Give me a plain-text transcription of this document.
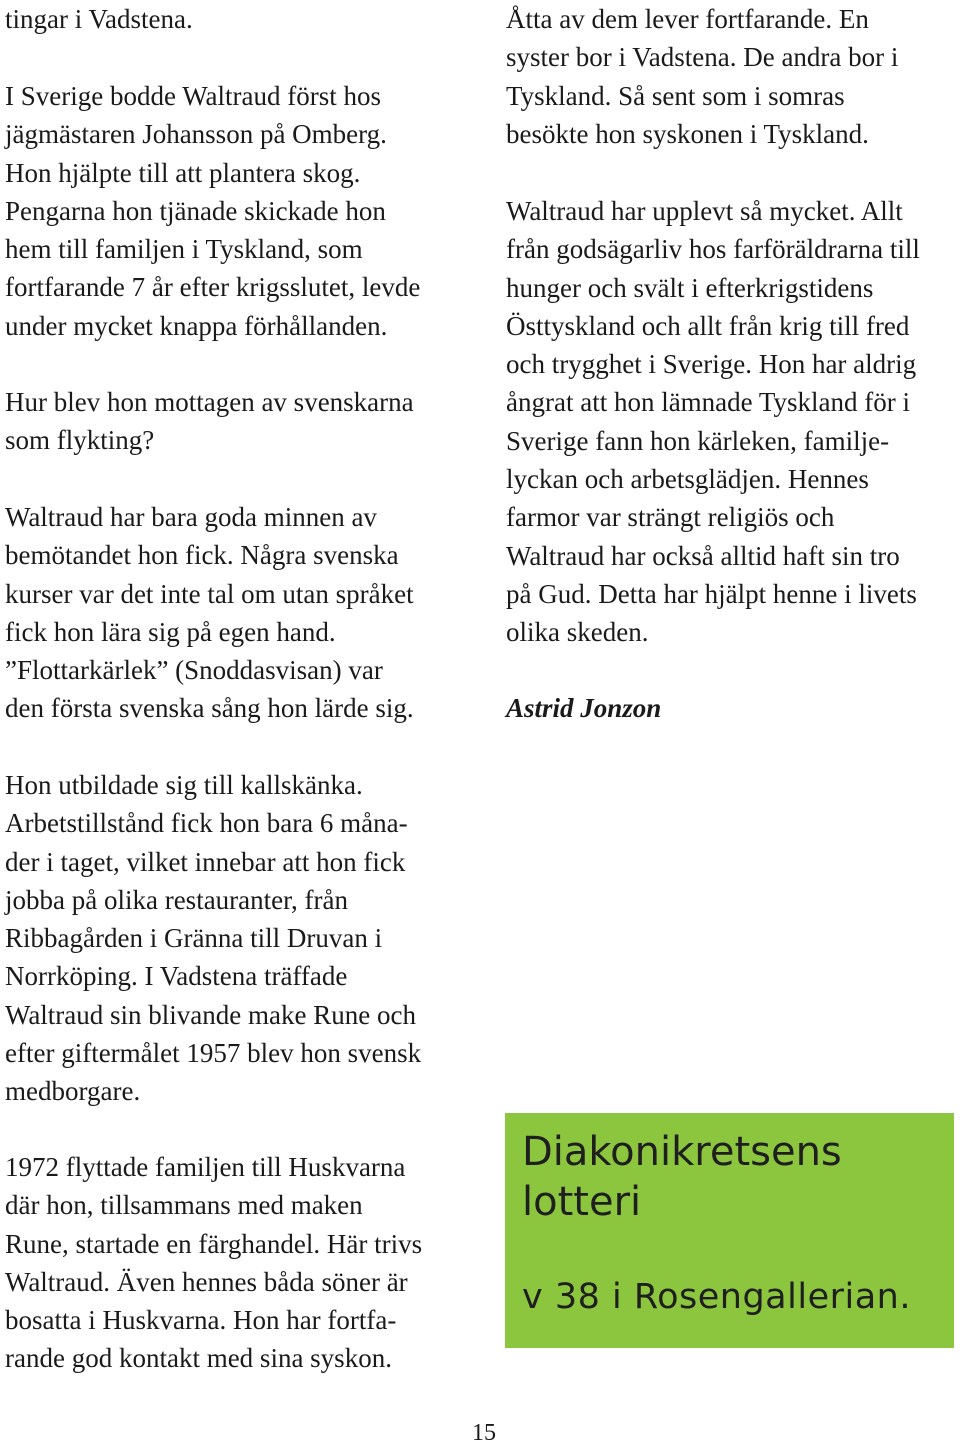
tingar i Vadstena.

I Sverige bodde Waltraud först hos
jägmästaren Johansson på Omberg.
Hon hjälpte till att plantera skog.
Pengarna hon tjänade skickade hon
hem till familjen i Tyskland, som
fortfarande 7 år efter krigsslutet, levde
under mycket knappa förhållanden.

Hur blev hon mottagen av svenskarna
som flykting?

Waltraud har bara goda minnen av
bemötandet hon fick. Några svenska
kurser var det inte tal om utan språket
fick hon lära sig på egen hand.
”Flottarkärlek” (Snoddasvisan) var
den första svenska sång hon lärde sig.

Hon utbildade sig till kallskänka.
Arbetstillstånd fick hon bara 6 måna-
der i taget, vilket innebar att hon fick
jobba på olika restauranter, från
Ribbagården i Gränna till Druvan i
Norrköping. I Vadstena träffade
Waltraud sin blivande make Rune och
efter giftermålet 1957 blev hon svensk
medborgare.

1972 flyttade familjen till Huskvarna
där hon, tillsammans med maken
Rune, startade en färghandel. Här trivs
Waltraud. Även hennes båda söner är
bosatta i Huskvarna. Hon har fortfa-
rande god kontakt med sina syskon.

Åtta av dem lever fortfarande. En
syster bor i Vadstena. De andra bor i
Tyskland. Så sent som i somras
besökte hon syskonen i Tyskland.

Waltraud har upplevt så mycket. Allt
från godsägarliv hos farföräldrarna till
hunger och svält i efterkrigstidens
Östtyskland och allt från krig till fred
och trygghet i Sverige. Hon har aldrig
ångrat att hon lämnade Tyskland för i
Sverige fann hon kärleken, familje-
lyckan och arbetsglädjen. Hennes
farmor var strängt religiös och
Waltraud har också alltid haft sin tro
på Gud. Detta har hjälpt henne i livets
olika skeden.

Astrid Jonzon

Diakonikretsens
lotteri
v 38 i Rosengallerian.
15
